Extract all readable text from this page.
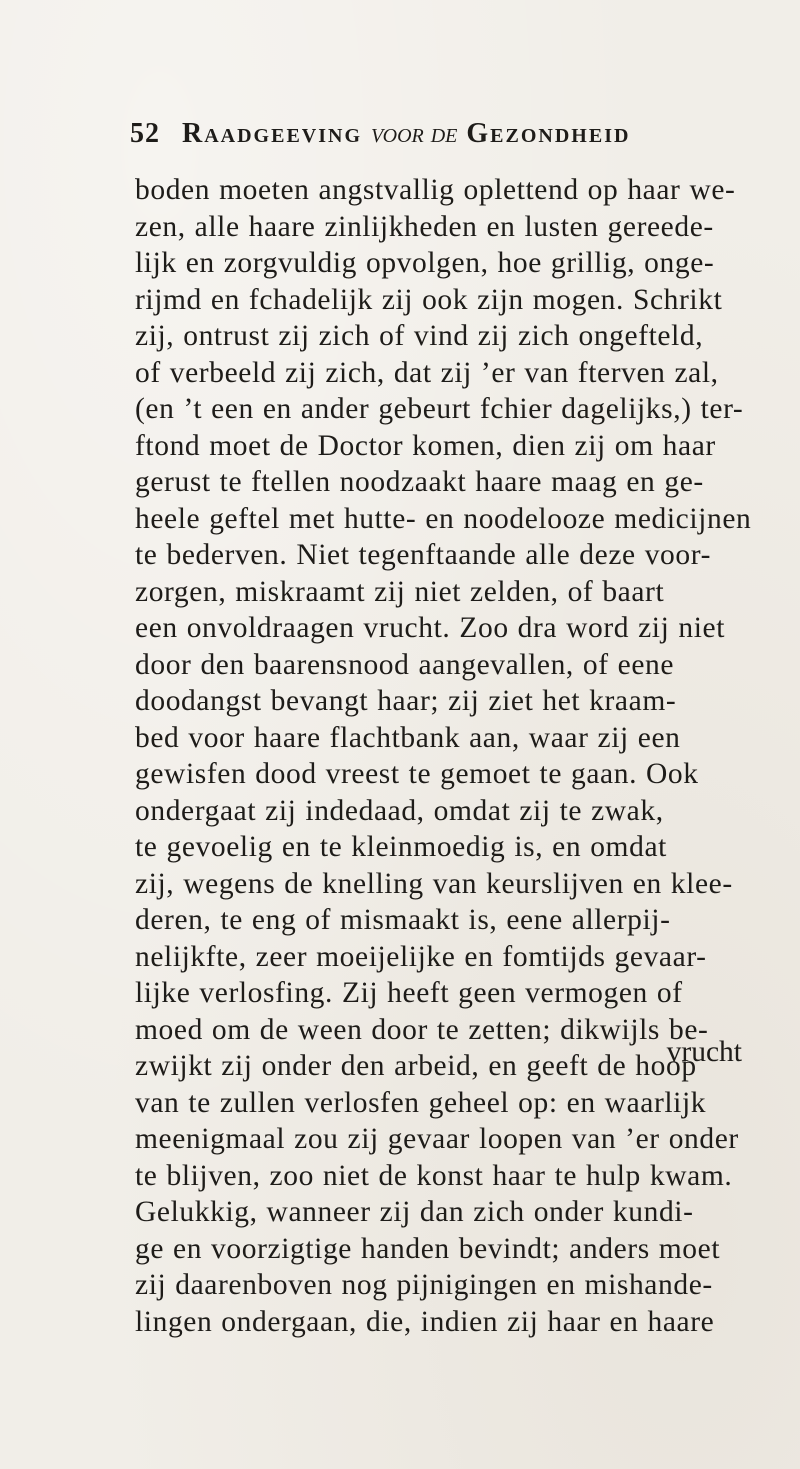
52 Raadgeeving voor de Gezondheid
boden moeten angstvallig oplettend op haar we-
zen, alle haare zinlijkheden en lusten gereede-
lijk en zorgvuldig opvolgen, hoe grillig, onge-
rijmd en fchadelijk zij ook zijn mogen. Schrikt
zij, ontrust zij zich of vind zij zich ongefteld,
of verbeeld zij zich, dat zij ’er van fterven zal,
(en ’t een en ander gebeurt fchier dagelijks,) ter-
ftond moet de Doctor komen, dien zij om haar
gerust te ftellen noodzaakt haare maag en ge-
heele geftel met hutte- en noodelooze medicijnen
te bederven. Niet tegenftaande alle deze voor-
zorgen, miskraamt zij niet zelden, of baart
een onvoldraagen vrucht. Zoo dra word zij niet
door den baarensnood aangevallen, of eene
doodangst bevangt haar; zij ziet het kraam-
bed voor haare flachtbank aan, waar zij een
gewisfen dood vreest te gemoet te gaan. Ook
ondergaat zij indedaad, omdat zij te zwak,
te gevoelig en te kleinmoedig is, en omdat
zij, wegens de knelling van keurslijven en klee-
deren, te eng of mismaakt is, eene allerpij-
nelijkfte, zeer moeijelijke en fomtijds gevaar-
lijke verlosfing. Zij heeft geen vermogen of
moed om de ween door te zetten; dikwijls be-
zwijkt zij onder den arbeid, en geeft de hoop
van te zullen verlosfen geheel op: en waarlijk
meenigmaal zou zij gevaar loopen van ’er onder
te blijven, zoo niet de konst haar te hulp kwam.
Gelukkig, wanneer zij dan zich onder kundi-
ge en voorzigtige handen bevindt; anders moet
zij daarenboven nog pijnigingen en mishande-
lingen ondergaan, die, indien zij haar en haare
vrucht
